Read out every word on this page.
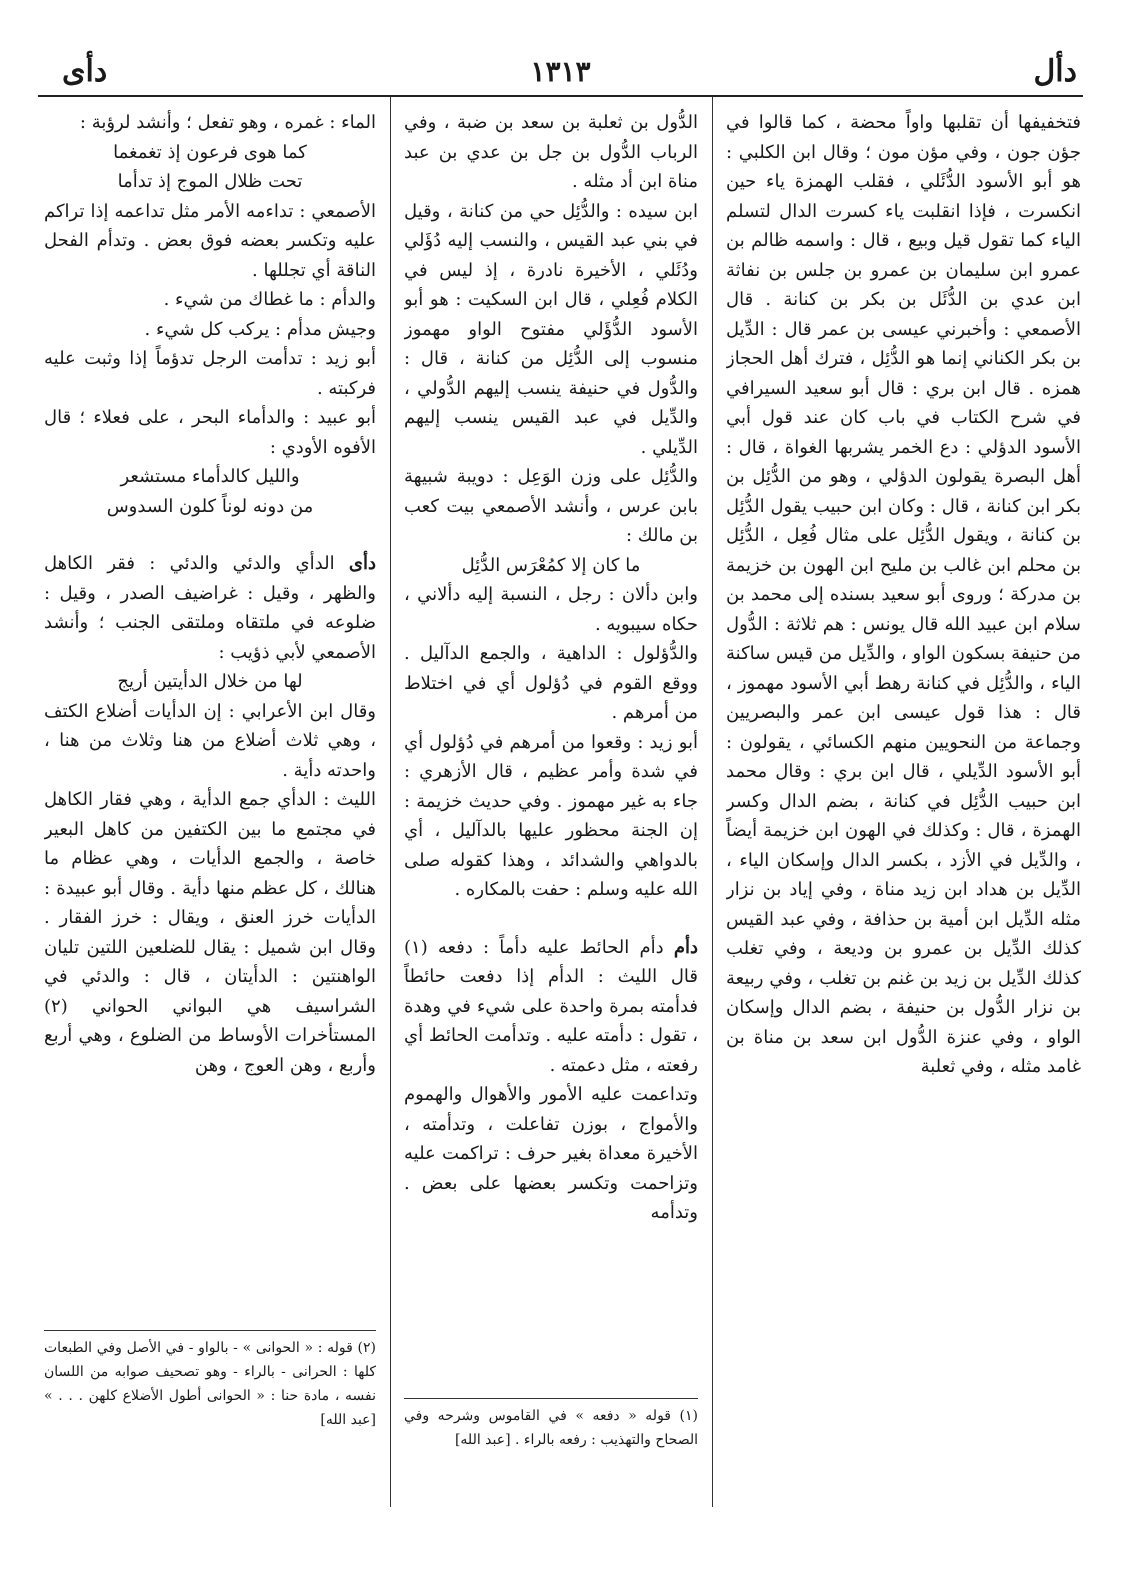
دأل
١٣١٣
دأى

فتخفيفها أن تقلبها واواً محضة ، كما قالوا في جؤن جون ، وفي مؤن مون ؛ وقال ابن الكلبي : هو أبو الأسود الدُّئَلي ، فقلب الهمزة ياء حين انكسرت ، فإذا انقلبت ياء كسرت الدال لتسلم الياء كما تقول قيل وبيع ، قال : واسمه ظالم بن عمرو ابن سليمان بن عمرو بن جلس بن نفاثة ابن عدي بن الدُّئَل بن بكر بن كنانة . قال الأصمعي : وأخبرني عيسى بن عمر قال : الدِّيل بن بكر الكناني إنما هو الدُّئِل ، فترك أهل الحجاز همزه . قال ابن بري : قال أبو سعيد السيرافي في شرح الكتاب في باب كان عند قول أبي الأسود الدؤلي : دع الخمر يشربها الغواة ، قال : أهل البصرة يقولون الدؤلي ، وهو من الدُّئِل بن بكر ابن كنانة ، قال : وكان ابن حبيب يقول الدُّئِل بن كنانة ، ويقول الدُّئِل على مثال فُعِل ، الدُّئِل بن محلم ابن غالب بن مليح ابن الهون بن خزيمة بن مدركة ؛ وروى أبو سعيد بسنده إلى محمد بن سلام ابن عبيد الله قال يونس : هم ثلاثة : الدُّول من حنيفة بسكون الواو ، والدِّيل من قيس ساكنة الياء ، والدُّئِل في كنانة رهط أبي الأسود مهموز ، قال : هذا قول عيسى ابن عمر والبصريين وجماعة من النحويين منهم الكسائي ، يقولون : أبو الأسود الدِّيلي ، قال ابن بري : وقال محمد ابن حبيب الدُّئِل في كنانة ، بضم الدال وكسر الهمزة ، قال : وكذلك في الهون ابن خزيمة أيضاً ، والدِّيل في الأزد ، بكسر الدال وإسكان الياء ، الدِّيل بن هداد ابن زيد مناة ، وفي إياد بن نزار مثله الدِّيل ابن أمية بن حذافة ، وفي عبد القيس كذلك الدِّيل بن عمرو بن وديعة ، وفي تغلب كذلك الدِّيل بن زيد بن غنم بن تغلب ، وفي ربيعة بن نزار الدُّول بن حنيفة ، بضم الدال وإسكان الواو ، وفي عنزة الدُّول ابن سعد بن مناة بن غامد مثله ، وفي ثعلبة

الدُّول بن ثعلبة بن سعد بن ضبة ، وفي الرباب الدُّول بن جل بن عدي بن عبد مناة ابن أد مثله .

ابن سيده : والدُّئِل حي من كنانة ، وقيل في بني عبد القيس ، والنسب إليه دُؤَلي ودُئَلي ، الأخيرة نادرة ، إذ ليس في الكلام فُعِلي ، قال ابن السكيت : هو أبو الأسود الدُّؤَلي مفتوح الواو مهموز منسوب إلى الدُّئِل من كنانة ، قال : والدُّول في حنيفة ينسب إليهم الدُّولي ، والدِّيل في عبد القيس ينسب إليهم الدِّيلي .

والدُّئِل على وزن الوَعِل : دويبة شبيهة بابن عرس ، وأنشد الأصمعي بيت كعب بن مالك :

ما كان إلا كمُعْرَس الدُّئِل

وابن دألان : رجل ، النسبة إليه دألاني ، حكاه سيبويه .

والدُّؤلول : الداهية ، والجمع الدآليل . ووقع القوم في دُؤلول أي في اختلاط من أمرهم .

أبو زيد : وقعوا من أمرهم في دُؤلول أي في شدة وأمر عظيم ، قال الأزهري : جاء به غير مهموز . وفي حديث خزيمة : إن الجنة محظور عليها بالدآليل ، أي بالدواهي والشدائد ، وهذا كقوله صلى الله عليه وسلم : حفت بالمكاره .

دأم دأم الحائط عليه دأماً : دفعه (١) قال الليث : الدأم إذا دفعت حائطاً فدأمته بمرة واحدة على شيء في وهدة ، تقول : دأمته عليه . وتدأمت الحائط أي رفعته ، مثل دعمته .

وتداعمت عليه الأمور والأهوال والهموم والأمواج ، بوزن تفاعلت ، وتدأمته ، الأخيرة معداة بغير حرف : تراكمت عليه وتزاحمت وتكسر بعضها على بعض . وتدأمه

(١) قوله « دفعه » في القاموس وشرحه وفي الصحاح والتهذيب : رفعه بالراء . [عبد الله]

الماء : غمره ، وهو تفعل ؛ وأنشد لرؤبة :

كما هوى فرعون إذ تغمغما

تحت ظلال الموج إذ تدأما

الأصمعي : تداءمه الأمر مثل تداعمه إذا تراكم عليه وتكسر بعضه فوق بعض . وتدأم الفحل الناقة أي تجللها .

والدأم : ما غطاك من شيء .

وجيش مدأم : يركب كل شيء .

أبو زيد : تدأمت الرجل تدؤماً إذا وثبت عليه فركبته .

أبو عبيد : والدأماء البحر ، على فعلاء ؛ قال الأفوه الأودي :

والليل كالدأماء مستشعر

من دونه لوناً كلون السدوس

دأى الدأي والدئي والدئي : فقر الكاهل والظهر ، وقيل : غراضيف الصدر ، وقيل : ضلوعه في ملتقاه وملتقى الجنب ؛ وأنشد الأصمعي لأبي ذؤيب :

لها من خلال الدأيتين أريج

وقال ابن الأعرابي : إن الدأيات أضلاع الكتف ، وهي ثلاث أضلاع من هنا وثلاث من هنا ، واحدته دأية .

الليث : الدأي جمع الدأية ، وهي فقار الكاهل في مجتمع ما بين الكتفين من كاهل البعير خاصة ، والجمع الدأيات ، وهي عظام ما هنالك ، كل عظم منها دأية . وقال أبو عبيدة : الدأيات خرز العنق ، ويقال : خرز الفقار . وقال ابن شميل : يقال للضلعين اللتين تليان الواهنتين : الدأيتان ، قال : والدئي في الشراسيف هي البواني الحواني (٢) المستأخرات الأوساط من الضلوع ، وهي أربع وأربع ، وهن العوج ، وهن

(٢) قوله : « الحوانى » - بالواو - في الأصل وفي الطبعات كلها : الحرانى - بالراء - وهو تصحيف صوابه من اللسان نفسه ، مادة حنا : « الحوانى أطول الأضلاع كلهن . . . » [عبد الله]
